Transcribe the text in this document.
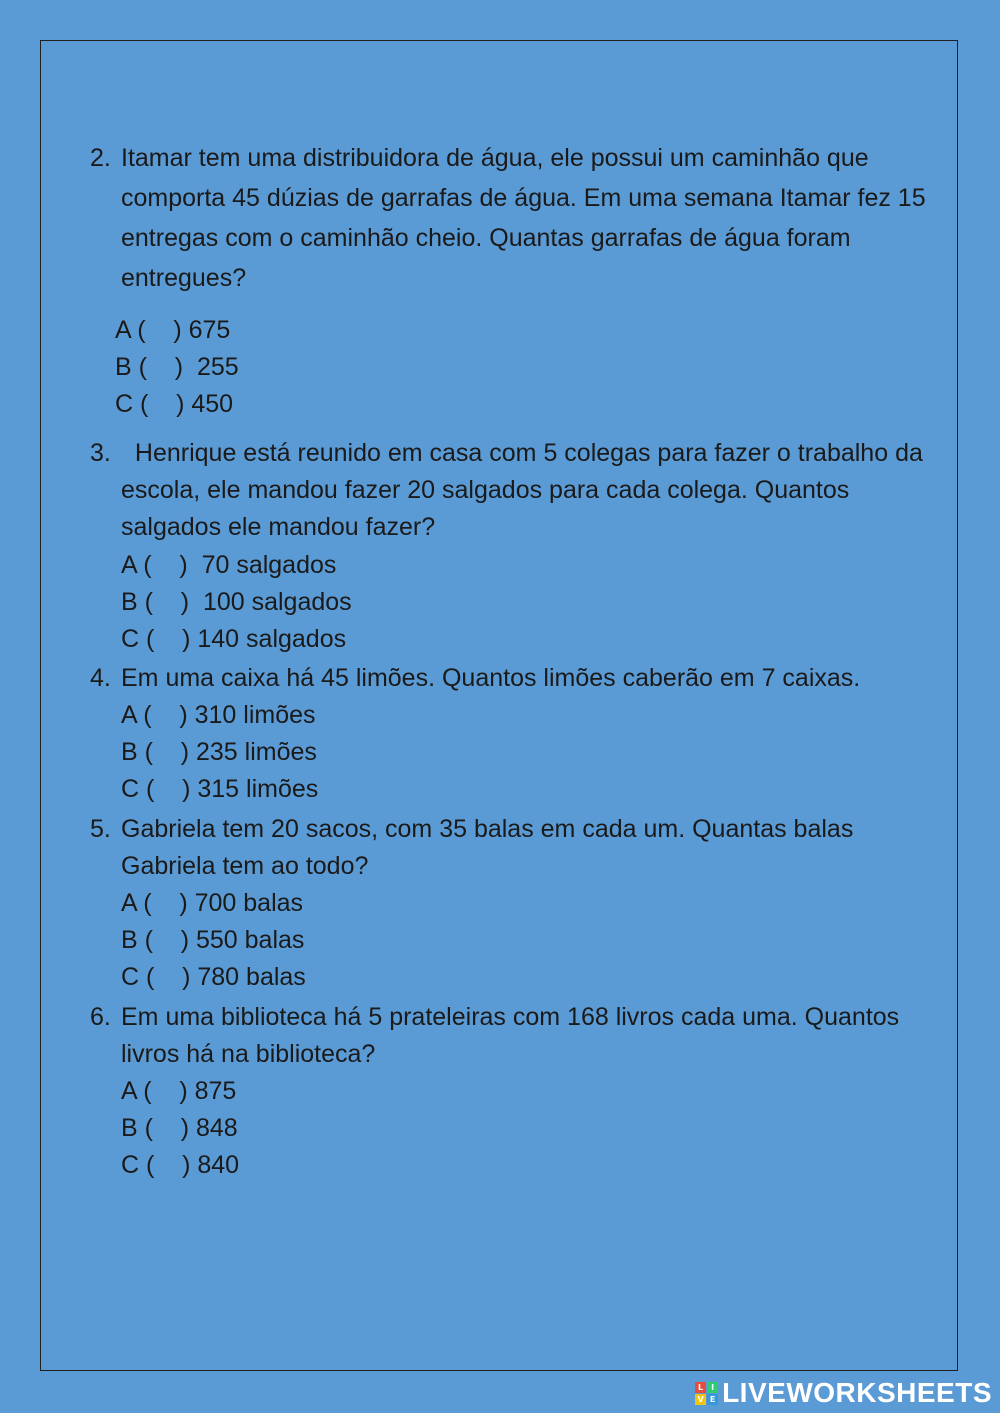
2. Itamar tem uma distribuidora de água, ele possui um caminhão que comporta 45 dúzias de garrafas de água. Em uma semana Itamar fez 15 entregas com o caminhão cheio. Quantas garrafas de água foram entregues?
A (    ) 675
B (    )  255
C (    ) 450
3. Henrique está reunido em casa com 5 colegas para fazer o trabalho da escola, ele mandou fazer 20 salgados para cada colega. Quantos salgados ele mandou fazer?
A (    )  70 salgados
B (    )  100 salgados
C (    ) 140 salgados
4. Em uma caixa há 45 limões. Quantos limões caberão em 7 caixas.
A (    ) 310 limões
B (    ) 235 limões
C (    ) 315 limões
5. Gabriela tem 20 sacos, com 35 balas em cada um. Quantas balas Gabriela tem ao todo?
A (    ) 700 balas
B (    ) 550 balas
C (    ) 780 balas
6. Em uma biblioteca há 5 prateleiras com 168 livros cada uma. Quantos livros há na biblioteca?
A (    ) 875
B (    ) 848
C (    ) 840
L I
V E LIVEWORKSHEETS
